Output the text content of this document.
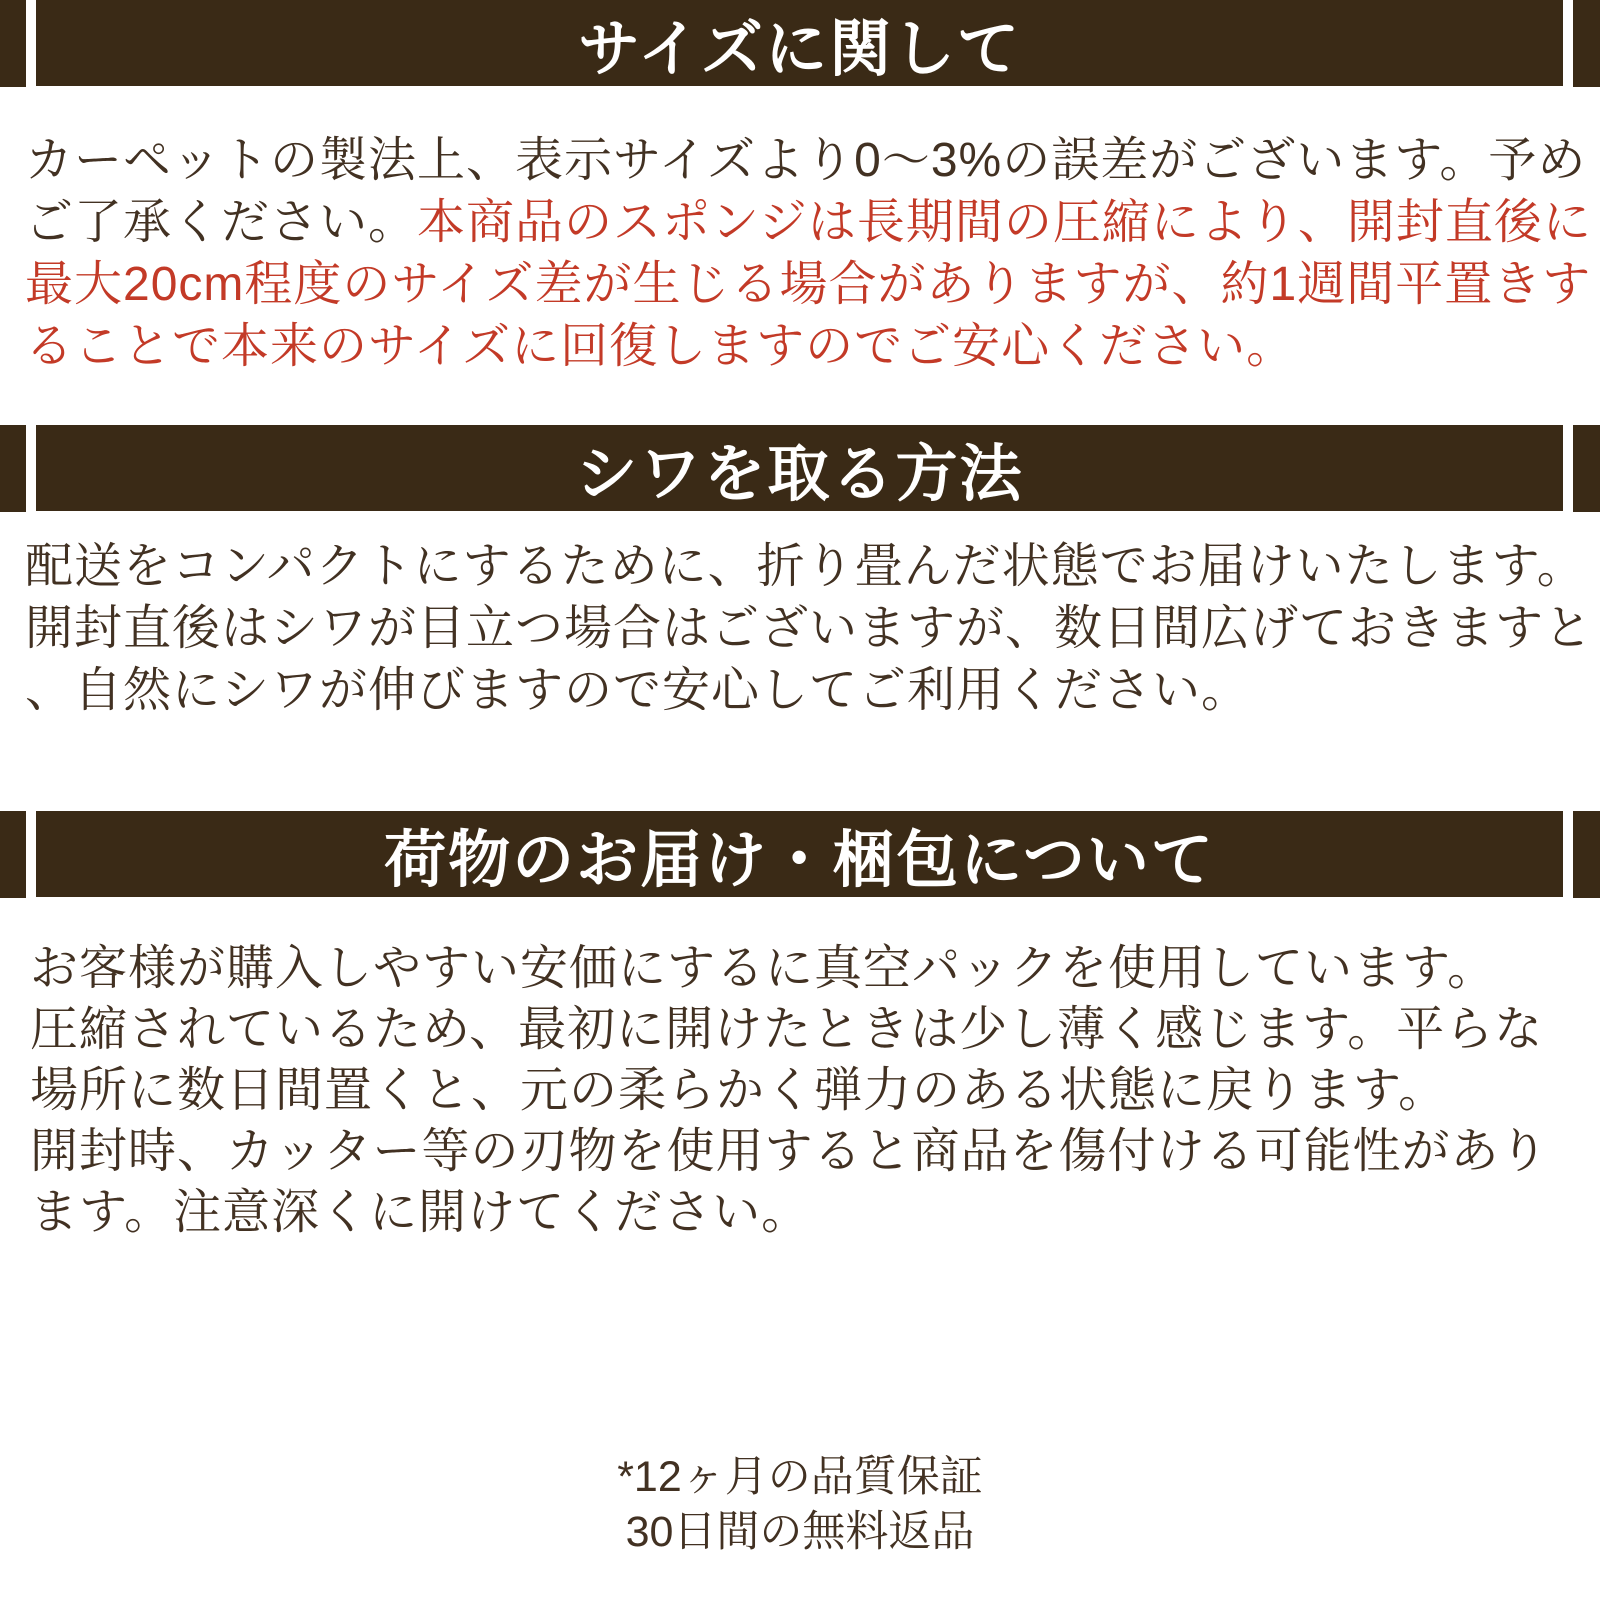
サイズに関して
カーペットの製法上、表示サイズより0〜3%の誤差がございます。予め
ご了承ください。本商品のスポンジは長期間の圧縮により、開封直後に
最大20cm程度のサイズ差が生じる場合がありますが、約1週間平置きす
ることで本来のサイズに回復しますのでご安心ください。
シワを取る方法
配送をコンパクトにするために、折り畳んだ状態でお届けいたします。
開封直後はシワが目立つ場合はございますが、数日間広げておきますと
、自然にシワが伸びますので安心してご利用ください。
荷物のお届け・梱包について
お客様が購入しやすい安価にするに真空パックを使用しています。
圧縮されているため、最初に開けたときは少し薄く感じます。平らな
場所に数日間置くと、元の柔らかく弾力のある状態に戻ります。
開封時、カッター等の刃物を使用すると商品を傷付ける可能性があり
ます。注意深くに開けてください。
*12ヶ月の品質保証
30日間の無料返品
